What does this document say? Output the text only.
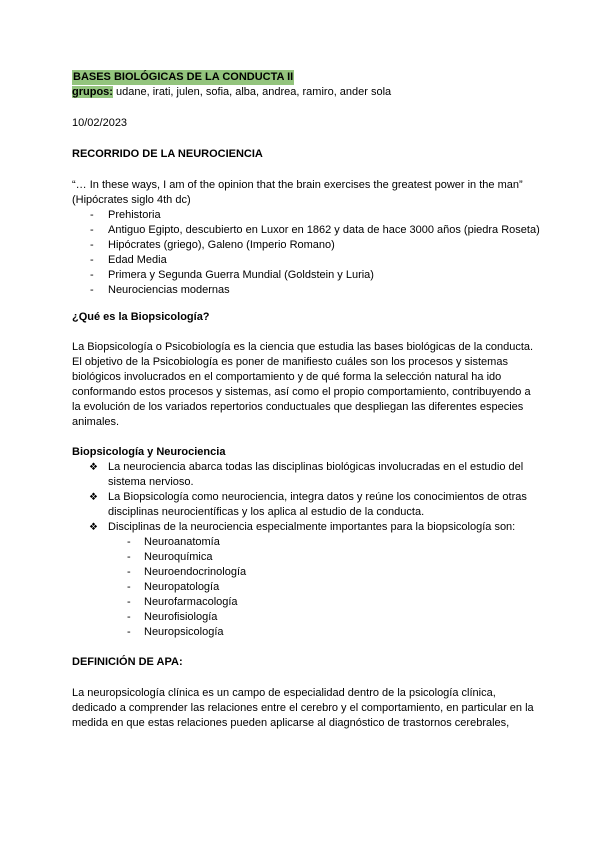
BASES BIOLÓGICAS DE LA CONDUCTA II
grupos: udane, irati, julen, sofia, alba, andrea, ramiro, ander sola

10/02/2023

RECORRIDO DE LA NEUROCIENCIA

“… In these ways, I am of the opinion that the brain exercises the greatest power in the man” (Hipócrates siglo 4th dc)

- Prehistoria
- Antiguo Egipto, descubierto en Luxor en 1862 y data de hace 3000 años (piedra Roseta)
- Hipócrates (griego), Galeno (Imperio Romano)
- Edad Media
- Primera y Segunda Guerra Mundial (Goldstein y Luria)
- Neurociencias modernas

¿Qué es la Biopsicología?

La Biopsicología o Psicobiología es la ciencia que estudia las bases biológicas de la conducta.

El objetivo de la Psicobiología es poner de manifiesto cuáles son los procesos y sistemas biológicos involucrados en el comportamiento y de qué forma la selección natural ha ido conformando estos procesos y sistemas, así como el propio comportamiento, contribuyendo a la evolución de los variados repertorios conductuales que despliegan las diferentes especies animales.

Biopsicología y Neurociencia

❖ La neurociencia abarca todas las disciplinas biológicas involucradas en el estudio del sistema nervioso.
❖ La Biopsicología como neurociencia, integra datos y reúne los conocimientos de otras disciplinas neurocientíficas y los aplica al estudio de la conducta.
❖ Disciplinas de la neurociencia especialmente importantes para la biopsicología son:
- Neuroanatomía
- Neuroquímica
- Neuroendocrinología
- Neuropatología
- Neurofarmacología
- Neurofisiología
- Neuropsicología

DEFINICIÓN DE APA:

La neuropsicología clínica es un campo de especialidad dentro de la psicología clínica, dedicado a comprender las relaciones entre el cerebro y el comportamiento, en particular en la medida en que estas relaciones pueden aplicarse al diagnóstico de trastornos cerebrales,
